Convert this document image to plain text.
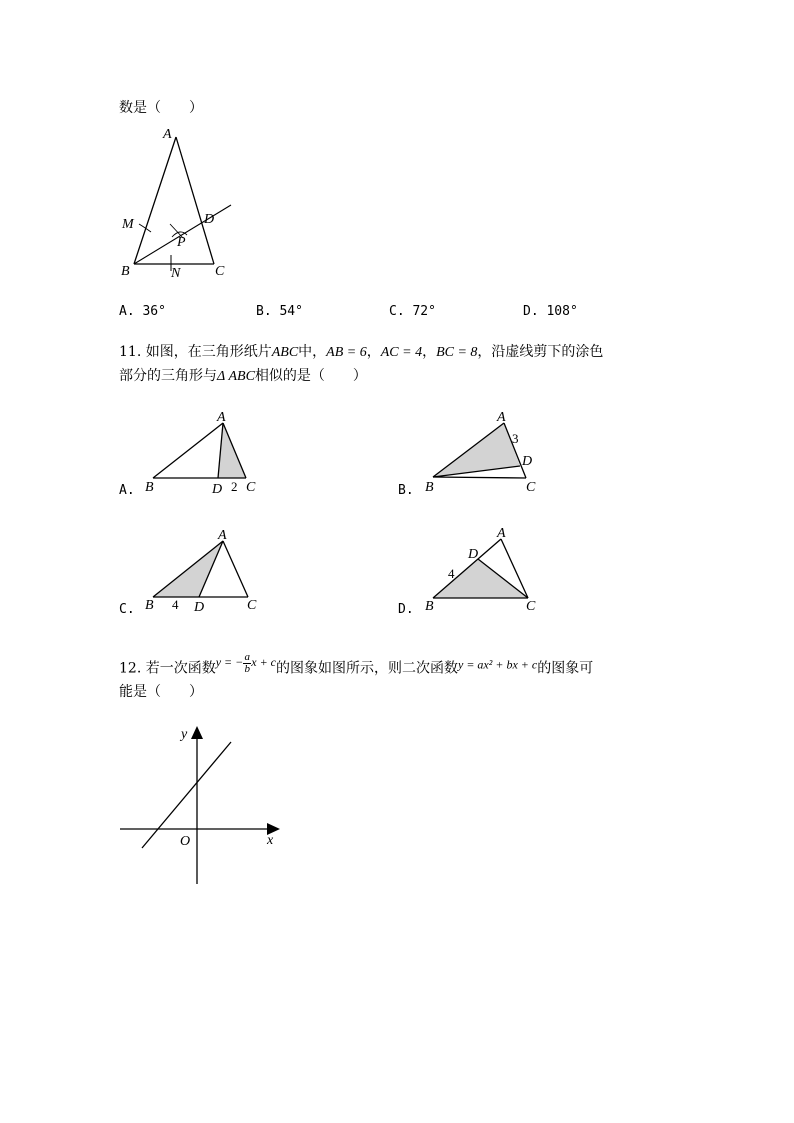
数是（　　）
A
M	D
P
B	N C
A. 36°	B. 54°	C. 72°	D. 108°
11. 如图，在三角形纸片ABC中，AB = 6，AC = 4，BC = 8，沿虚线剪下的涂色
部分的三角形与Δ ABC相似的是（　　）
A.
A
B	D 2 C	B.
A
3
D
B	C
C.
A
B 4 D	C	D.
A
D
4
B	C
12. 若一次函数y = − $\frac{a}{b}$ x + c的图象如图所示，则二次函数y = ax² + bx + c的图象可
能是（　　）
y
x
O
